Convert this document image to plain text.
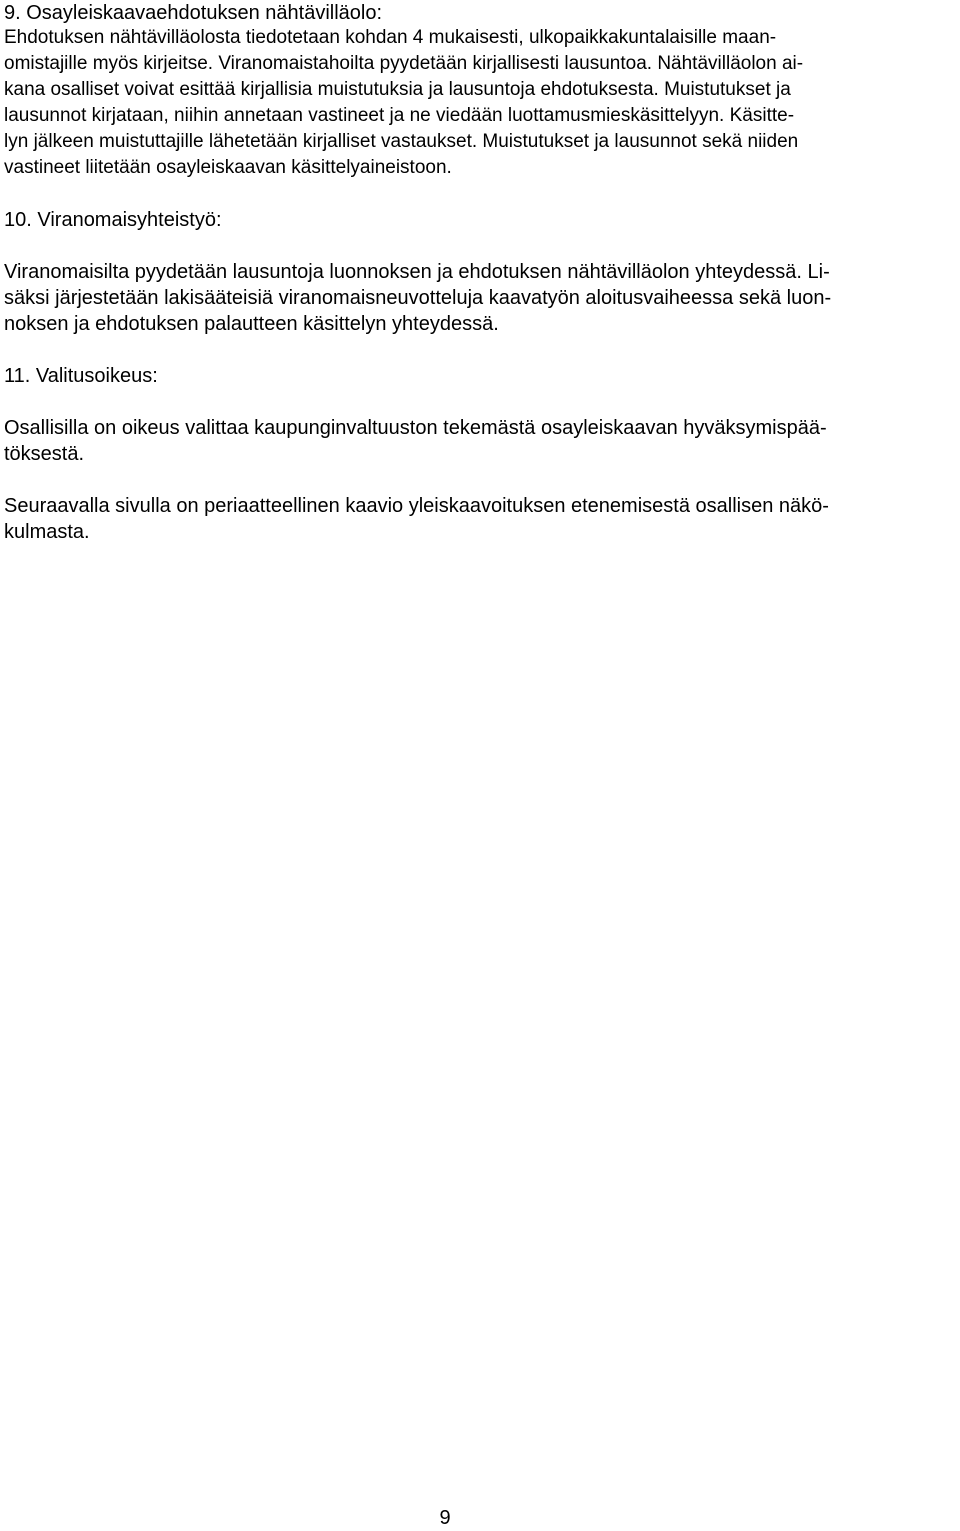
9. Osayleiskaavaehdotuksen nähtävilläolo:

Ehdotuksen nähtävilläolosta tiedotetaan kohdan 4 mukaisesti, ulkopaikkakuntalaisille maan-

omistajille myös kirjeitse. Viranomaistahoilta pyydetään kirjallisesti lausuntoa. Nähtävilläolon ai-

kana osalliset voivat esittää kirjallisia muistutuksia ja lausuntoja ehdotuksesta. Muistutukset ja

lausunnot kirjataan, niihin annetaan vastineet ja ne viedään luottamusmieskäsittelyyn. Käsitte-

lyn jälkeen muistuttajille lähetetään kirjalliset vastaukset. Muistutukset ja lausunnot sekä niiden

vastineet liitetään osayleiskaavan käsittelyaineistoon.

10. Viranomaisyhteistyö:

Viranomaisilta pyydetään lausuntoja luonnoksen ja ehdotuksen nähtävilläolon yhteydessä. Li-

säksi järjestetään lakisääteisiä viranomaisneuvotteluja kaavatyön aloitusvaiheessa sekä luon-

noksen ja ehdotuksen palautteen käsittelyn yhteydessä.

11. Valitusoikeus:

Osallisilla on oikeus valittaa kaupunginvaltuuston tekemästä osayleiskaavan hyväksymispää-

töksestä.

Seuraavalla sivulla on periaatteellinen kaavio yleiskaavoituksen etenemisestä osallisen näkö-

kulmasta.

9
